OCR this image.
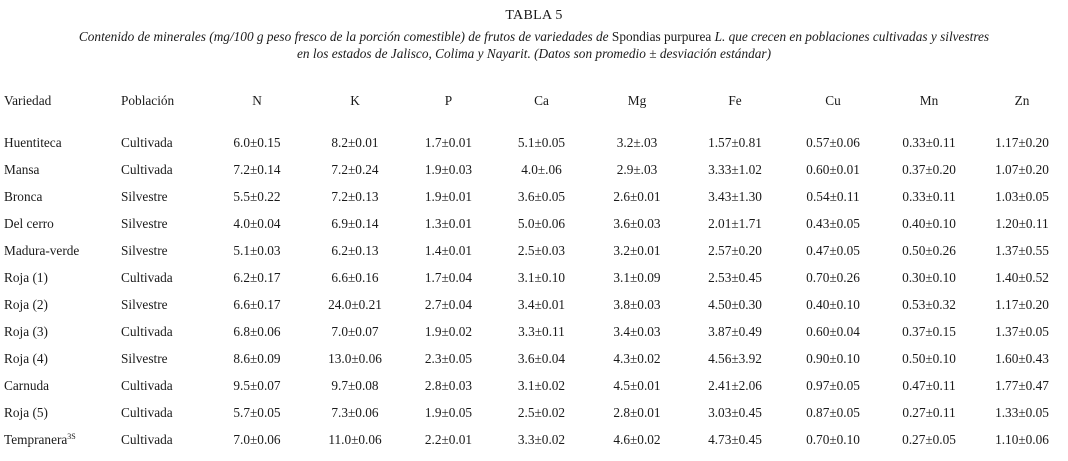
TABLA 5
Contenido de minerales (mg/100 g peso fresco de la porción comestible) de frutos de variedades de Spondias purpurea L. que crecen en poblaciones cultivadas y silvestres
en los estados de Jalisco, Colima y Nayarit. (Datos son promedio ± desviación estándar)
Variedad	Población	N	K	P	Ca	Mg	Fe	Cu	Mn	Zn

Huentiteca	Cultivada	6.0±0.15	8.2±0.01	1.7±0.01	5.1±0.05	3.2±.03	1.57±0.81	0.57±0.06	0.33±0.11	1.17±0.20
Mansa	Cultivada	7.2±0.14	7.2±0.24	1.9±0.03	4.0±.06	2.9±.03	3.33±1.02	0.60±0.01	0.37±0.20	1.07±0.20
Bronca	Silvestre	5.5±0.22	7.2±0.13	1.9±0.01	3.6±0.05	2.6±0.01	3.43±1.30	0.54±0.11	0.33±0.11	1.03±0.05
Del cerro	Silvestre	4.0±0.04	6.9±0.14	1.3±0.01	5.0±0.06	3.6±0.03	2.01±1.71	0.43±0.05	0.40±0.10	1.20±0.11
Madura-verde	Silvestre	5.1±0.03	6.2±0.13	1.4±0.01	2.5±0.03	3.2±0.01	2.57±0.20	0.47±0.05	0.50±0.26	1.37±0.55
Roja (1)	Cultivada	6.2±0.17	6.6±0.16	1.7±0.04	3.1±0.10	3.1±0.09	2.53±0.45	0.70±0.26	0.30±0.10	1.40±0.52
Roja (2)	Silvestre	6.6±0.17	24.0±0.21	2.7±0.04	3.4±0.01	3.8±0.03	4.50±0.30	0.40±0.10	0.53±0.32	1.17±0.20
Roja (3)	Cultivada	6.8±0.06	7.0±0.07	1.9±0.02	3.3±0.11	3.4±0.03	3.87±0.49	0.60±0.04	0.37±0.15	1.37±0.05
Roja (4)	Silvestre	8.6±0.09	13.0±0.06	2.3±0.05	3.6±0.04	4.3±0.02	4.56±3.92	0.90±0.10	0.50±0.10	1.60±0.43
Carnuda	Cultivada	9.5±0.07	9.7±0.08	2.8±0.03	3.1±0.02	4.5±0.01	2.41±2.06	0.97±0.05	0.47±0.11	1.77±0.47
Roja (5)	Cultivada	5.7±0.05	7.3±0.06	1.9±0.05	2.5±0.02	2.8±0.01	3.03±0.45	0.87±0.05	0.27±0.11	1.33±0.05
Tempranera$^{3S}$	Cultivada	7.0±0.06	11.0±0.06	2.2±0.01	3.3±0.02	4.6±0.02	4.73±0.45	0.70±0.10	0.27±0.05	1.10±0.06
